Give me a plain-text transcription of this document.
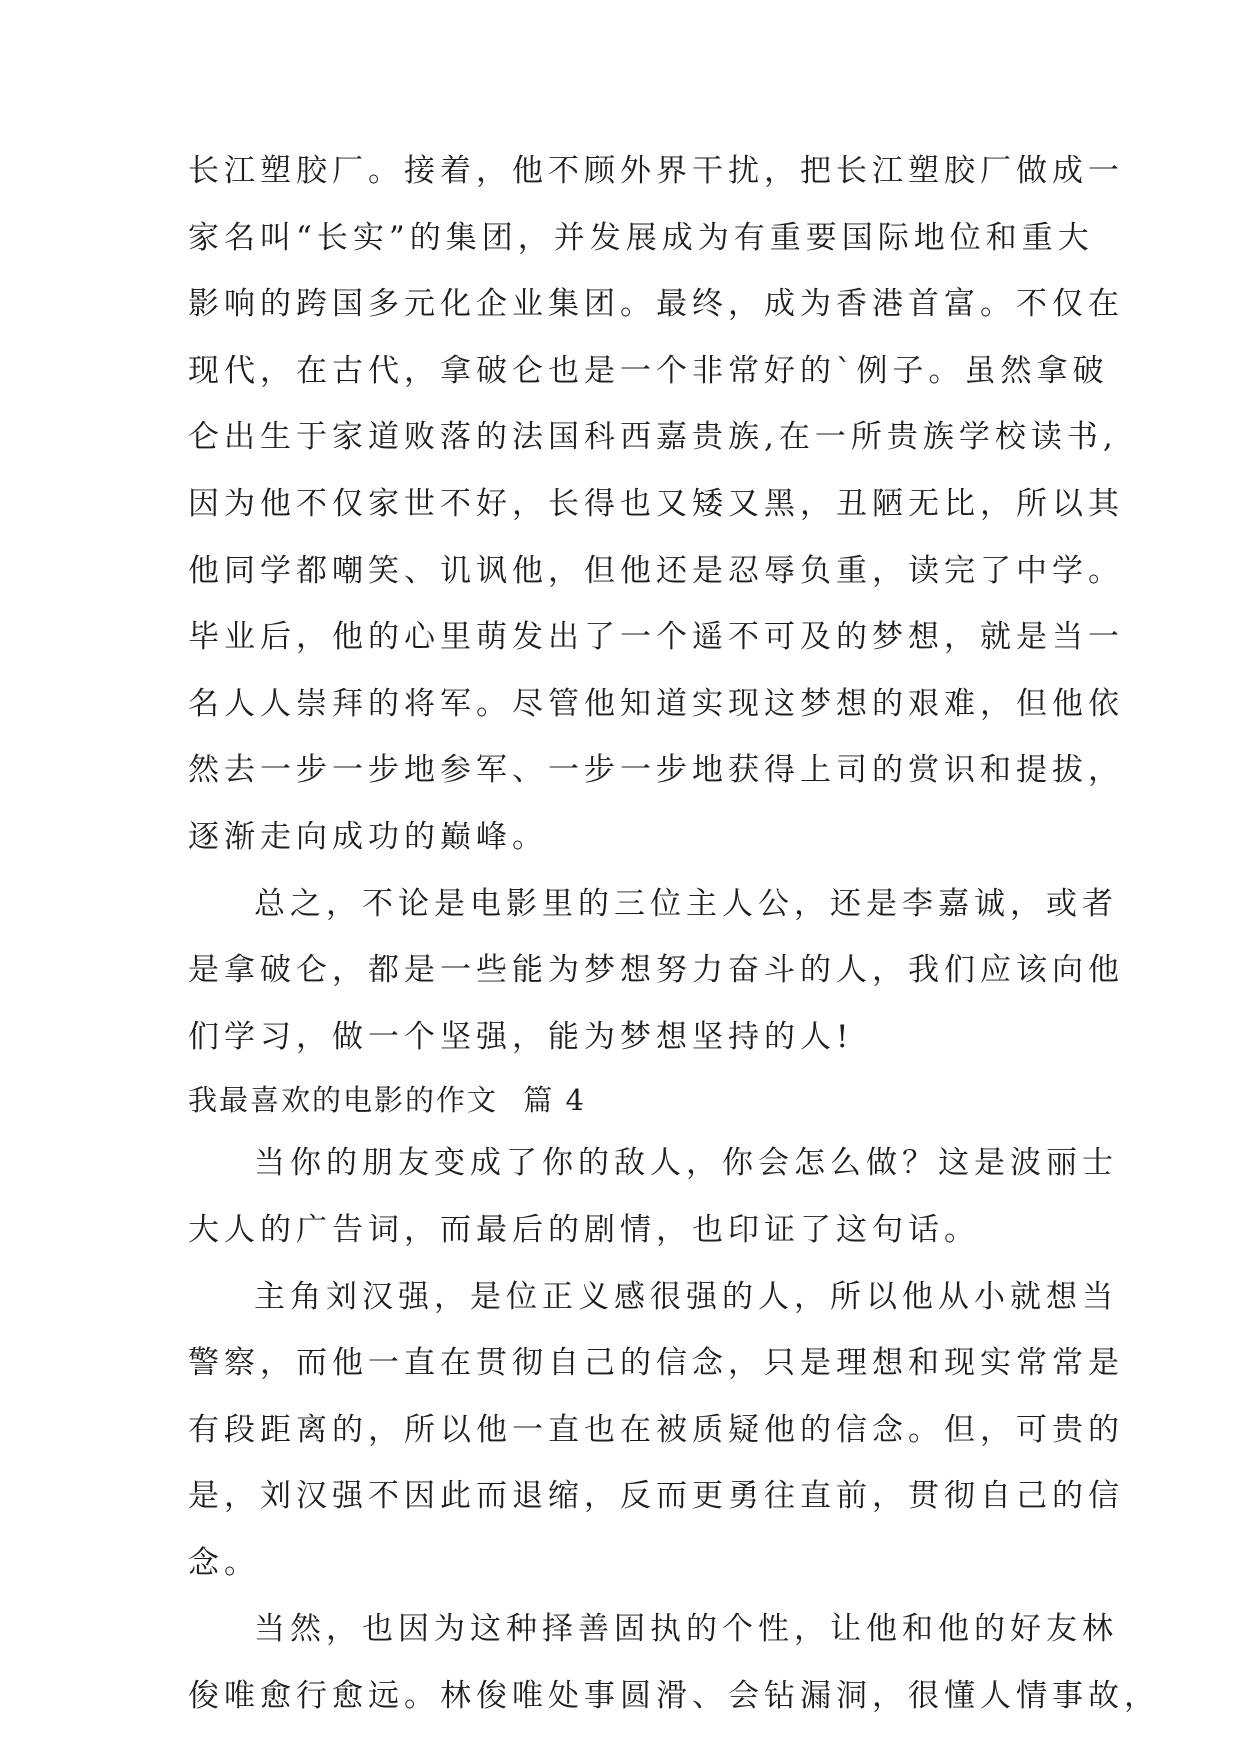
长江塑胶厂。接着，他不顾外界干扰，把长江塑胶厂做成一
家名叫“长实”的集团，并发展成为有重要国际地位和重大
影响的跨国多元化企业集团。最终，成为香港首富。不仅在
现代，在古代，拿破仑也是一个非常好的`例子。虽然拿破
仑出生于家道败落的法国科西嘉贵族,在一所贵族学校读书,
因为他不仅家世不好，长得也又矮又黑，丑陋无比，所以其
他同学都嘲笑、讥讽他，但他还是忍辱负重，读完了中学。
毕业后，他的心里萌发出了一个遥不可及的梦想，就是当一
名人人崇拜的将军。尽管他知道实现这梦想的艰难，但他依
然去一步一步地参军、一步一步地获得上司的赏识和提拔，
逐渐走向成功的巅峰。
总之，不论是电影里的三位主人公，还是李嘉诚，或者
是拿破仑，都是一些能为梦想努力奋斗的人，我们应该向他
们学习，做一个坚强，能为梦想坚持的人!
我最喜欢的电影的作文 篇 4
当你的朋友变成了你的敌人，你会怎么做？这是波丽士
大人的广告词，而最后的剧情，也印证了这句话。
主角刘汉强，是位正义感很强的人，所以他从小就想当
警察，而他一直在贯彻自己的信念，只是理想和现实常常是
有段距离的，所以他一直也在被质疑他的信念。但，可贵的
是，刘汉强不因此而退缩，反而更勇往直前，贯彻自己的信
念。
当然，也因为这种择善固执的个性，让他和他的好友林
俊唯愈行愈远。林俊唯处事圆滑、会钻漏洞，很懂人情事故，
